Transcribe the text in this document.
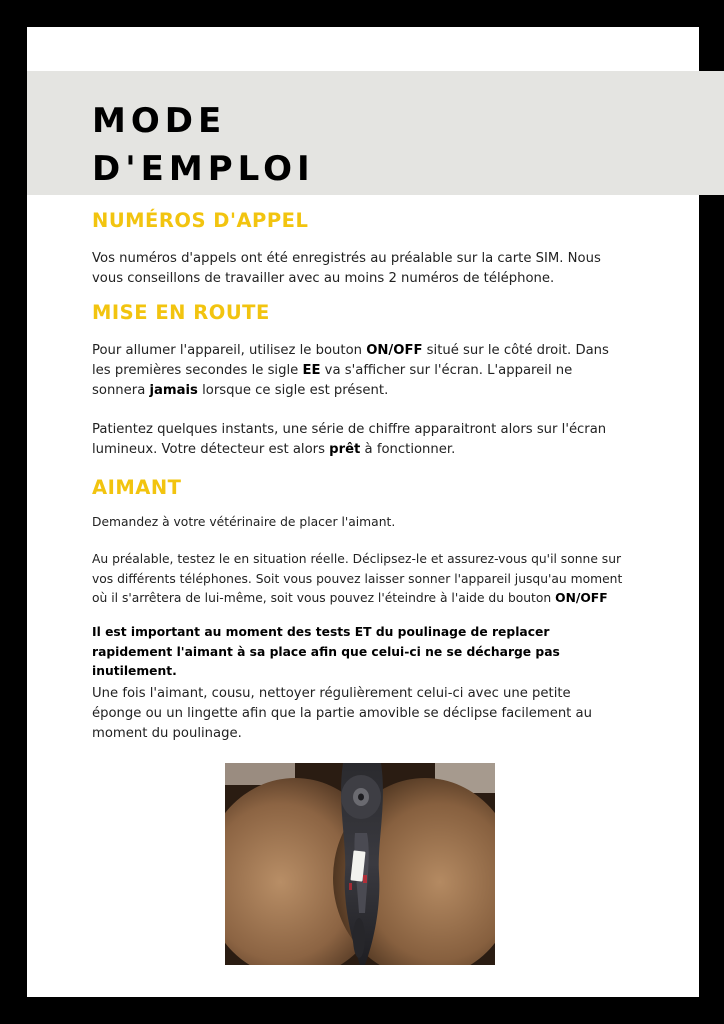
MODE
D'EMPLOI
NUMÉROS D'APPEL

Vos numéros d'appels ont été enregistrés au préalable sur la carte SIM. Nous vous conseillons de travailler avec au moins 2 numéros de téléphone.

MISE EN ROUTE

Pour allumer l'appareil, utilisez le bouton ON/OFF situé sur le côté droit. Dans les premières secondes le sigle EE va s'afficher sur l'écran. L'appareil ne sonnera jamais lorsque ce sigle est présent.

Patientez quelques instants, une série de chiffre apparaitront alors sur l'écran lumineux. Votre détecteur est alors prêt à fonctionner.

AIMANT

Demandez à votre vétérinaire de placer l'aimant.

Au préalable, testez le en situation réelle. Déclipsez-le et assurez-vous qu'il sonne sur vos différents téléphones. Soit vous pouvez laisser sonner l'appareil jusqu'au moment où il s'arrêtera de lui-même, soit vous pouvez l'éteindre à l'aide du bouton ON/OFF

Il est important au moment des tests ET du poulinage de replacer rapidement l'aimant à sa place afin que celui-ci ne se décharge pas inutilement.

Une fois l'aimant, cousu, nettoyer régulièrement celui-ci avec une petite éponge ou un lingette afin que la partie amovible se déclipse facilement au moment du poulinage.
